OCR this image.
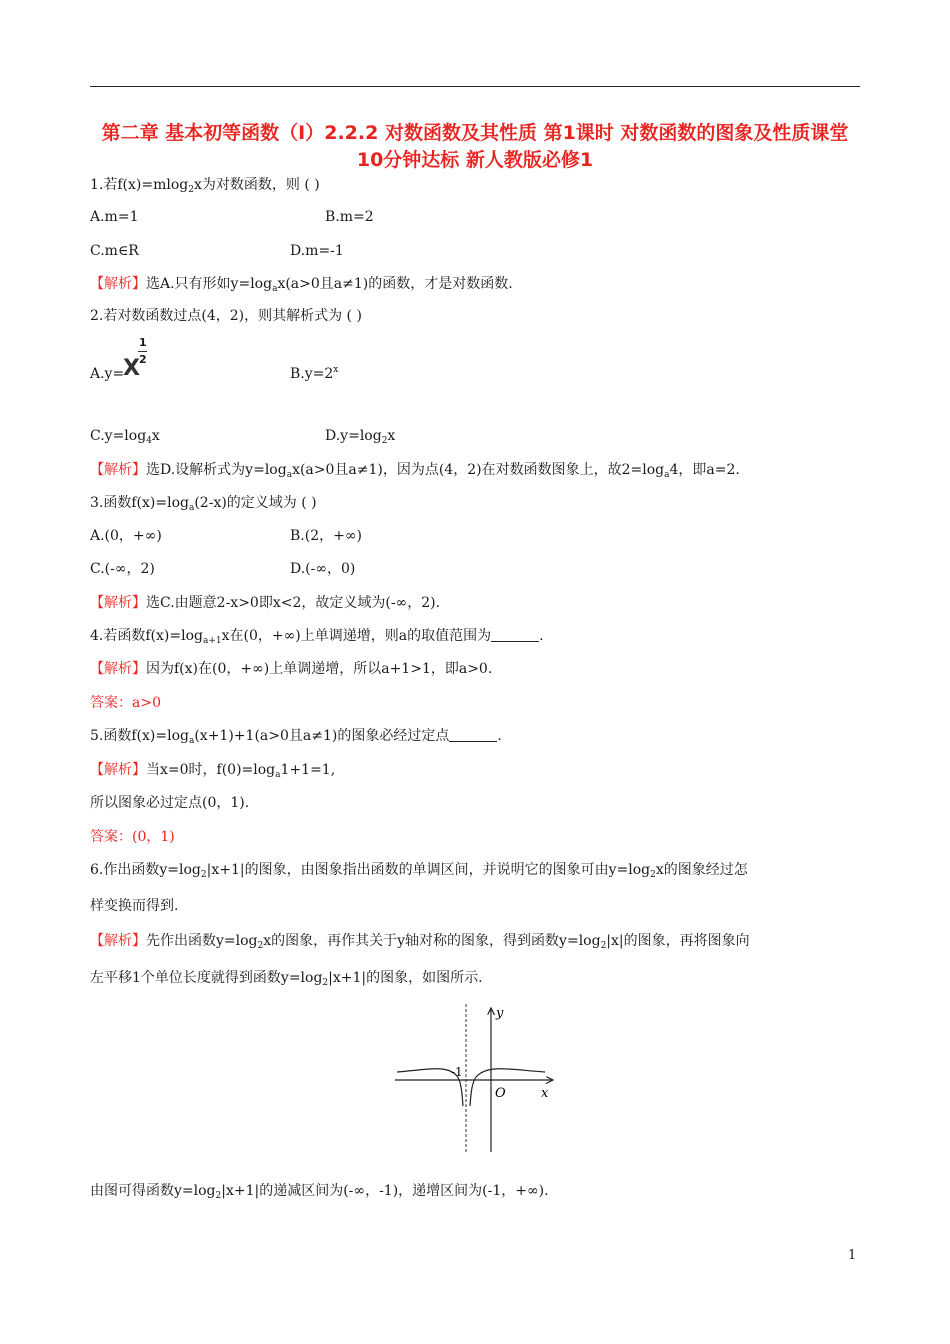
第二章 基本初等函数（I）2.2.2 对数函数及其性质 第1课时 对数函数的图象及性质课堂10分钟达标 新人教版必修1
1.若f(x)=mlog$_2$x为对数函数，则 ( )
A.m=1	B.m=2
C.m∈R	D.m=-1
【解析】选A.只有形如$y=\log_ax(a>0$且a≠1)的函数，才是对数函数.
2.若对数函数过点(4，2)，则其解析式为 ( )
A.y=
X
1
2
$B.y=2^x$
$C.y=\log_4x$	$D.y=\log_2x$
【解析】选D.设解析式为$y=\log_ax(a>0$且a≠1)，因为点(4，2)在对数函数图象上，故$2=\log_a4$，即a=2.
3.函数$f(x)=\log_a(2-x)$的定义域为 ( )
A.(0，+∞)	B.(2，+∞)
C.(-∞，2)	D.(-∞，0)
【解析】选C.由题意2-x>0即x<2，故定义域为(-∞，2).
4.若函数$f(x)=\log_{a+1}x$在(0，+∞)上单调递增，则a的取值范围为	.
【解析】因为f(x)在(0，+∞)上单调递增，所以a+1>1，即a>0.
答案：a>0
5.函数$f(x)=\log_a(x+1)+1(a>0$且a≠1)的图象必经过定点	.
【解析】当x=0时，$f(0)=\log_a1+1=1$,
所以图象必过定点(0，1).
答案：(0，1)
6.作出函数$y=\log_2|x+1|$的图象，由图象指出函数的单调区间，并说明它的图象可由$y=\log_2x$的图象经过怎
样变换而得到.
【解析】先作出函数$y=\log_2x$的图象，再作其关于y轴对称的图象，得到函数$y=\log_2|x|$的图象，再将图象向
左平移1个单位长度就得到函数$y=\log_2|x+1|$的图象，如图所示.
y
x
O
-1
由图可得函数$y=\log_2|x+1|$的递减区间为(-∞，-1)，递增区间为(-1，+∞).
1
